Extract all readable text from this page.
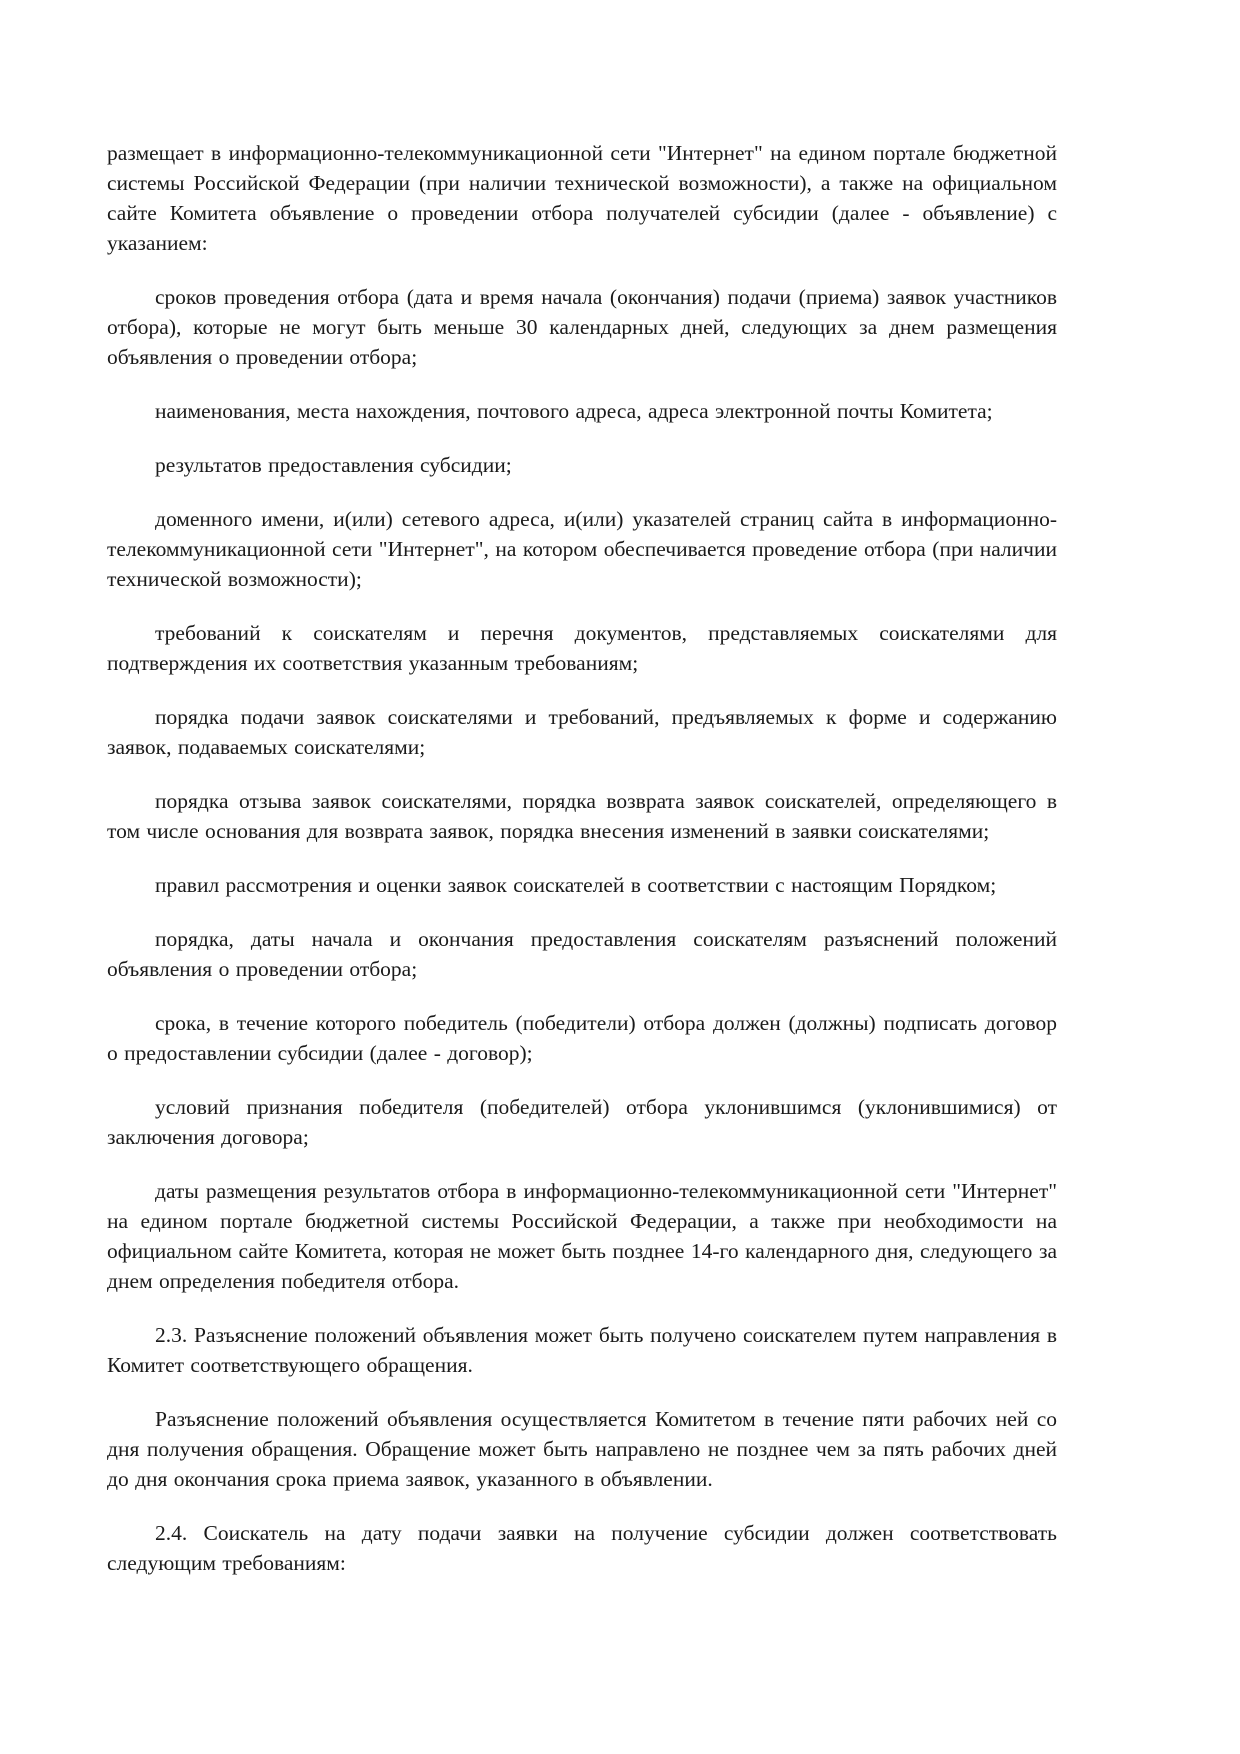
размещает в информационно-телекоммуникационной сети "Интернет" на едином портале бюджетной системы Российской Федерации (при наличии технической возможности), а также на официальном сайте Комитета объявление о проведении отбора получателей субсидии (далее - объявление) с указанием:

сроков проведения отбора (дата и время начала (окончания) подачи (приема) заявок участников отбора), которые не могут быть меньше 30 календарных дней, следующих за днем размещения объявления о проведении отбора;

наименования, места нахождения, почтового адреса, адреса электронной почты Комитета;

результатов предоставления субсидии;

доменного имени, и(или) сетевого адреса, и(или) указателей страниц сайта в информационно-телекоммуникационной сети "Интернет", на котором обеспечивается проведение отбора (при наличии технической возможности);

требований к соискателям и перечня документов, представляемых соискателями для подтверждения их соответствия указанным требованиям;

порядка подачи заявок соискателями и требований, предъявляемых к форме и содержанию заявок, подаваемых соискателями;

порядка отзыва заявок соискателями, порядка возврата заявок соискателей, определяющего в том числе основания для возврата заявок, порядка внесения изменений в заявки соискателями;

правил рассмотрения и оценки заявок соискателей в соответствии с настоящим Порядком;

порядка, даты начала и окончания предоставления соискателям разъяснений положений объявления о проведении отбора;

срока, в течение которого победитель (победители) отбора должен (должны) подписать договор о предоставлении субсидии (далее - договор);

условий признания победителя (победителей) отбора уклонившимся (уклонившимися) от заключения договора;

даты размещения результатов отбора в информационно-телекоммуникационной сети "Интернет" на едином портале бюджетной системы Российской Федерации, а также при необходимости на официальном сайте Комитета, которая не может быть позднее 14-го календарного дня, следующего за днем определения победителя отбора.

2.3. Разъяснение положений объявления может быть получено соискателем путем направления в Комитет соответствующего обращения.

Разъяснение положений объявления осуществляется Комитетом в течение пяти рабочих ней со дня получения обращения. Обращение может быть направлено не позднее чем за пять рабочих дней до дня окончания срока приема заявок, указанного в объявлении.

2.4. Соискатель на дату подачи заявки на получение субсидии должен соответствовать следующим требованиям:
